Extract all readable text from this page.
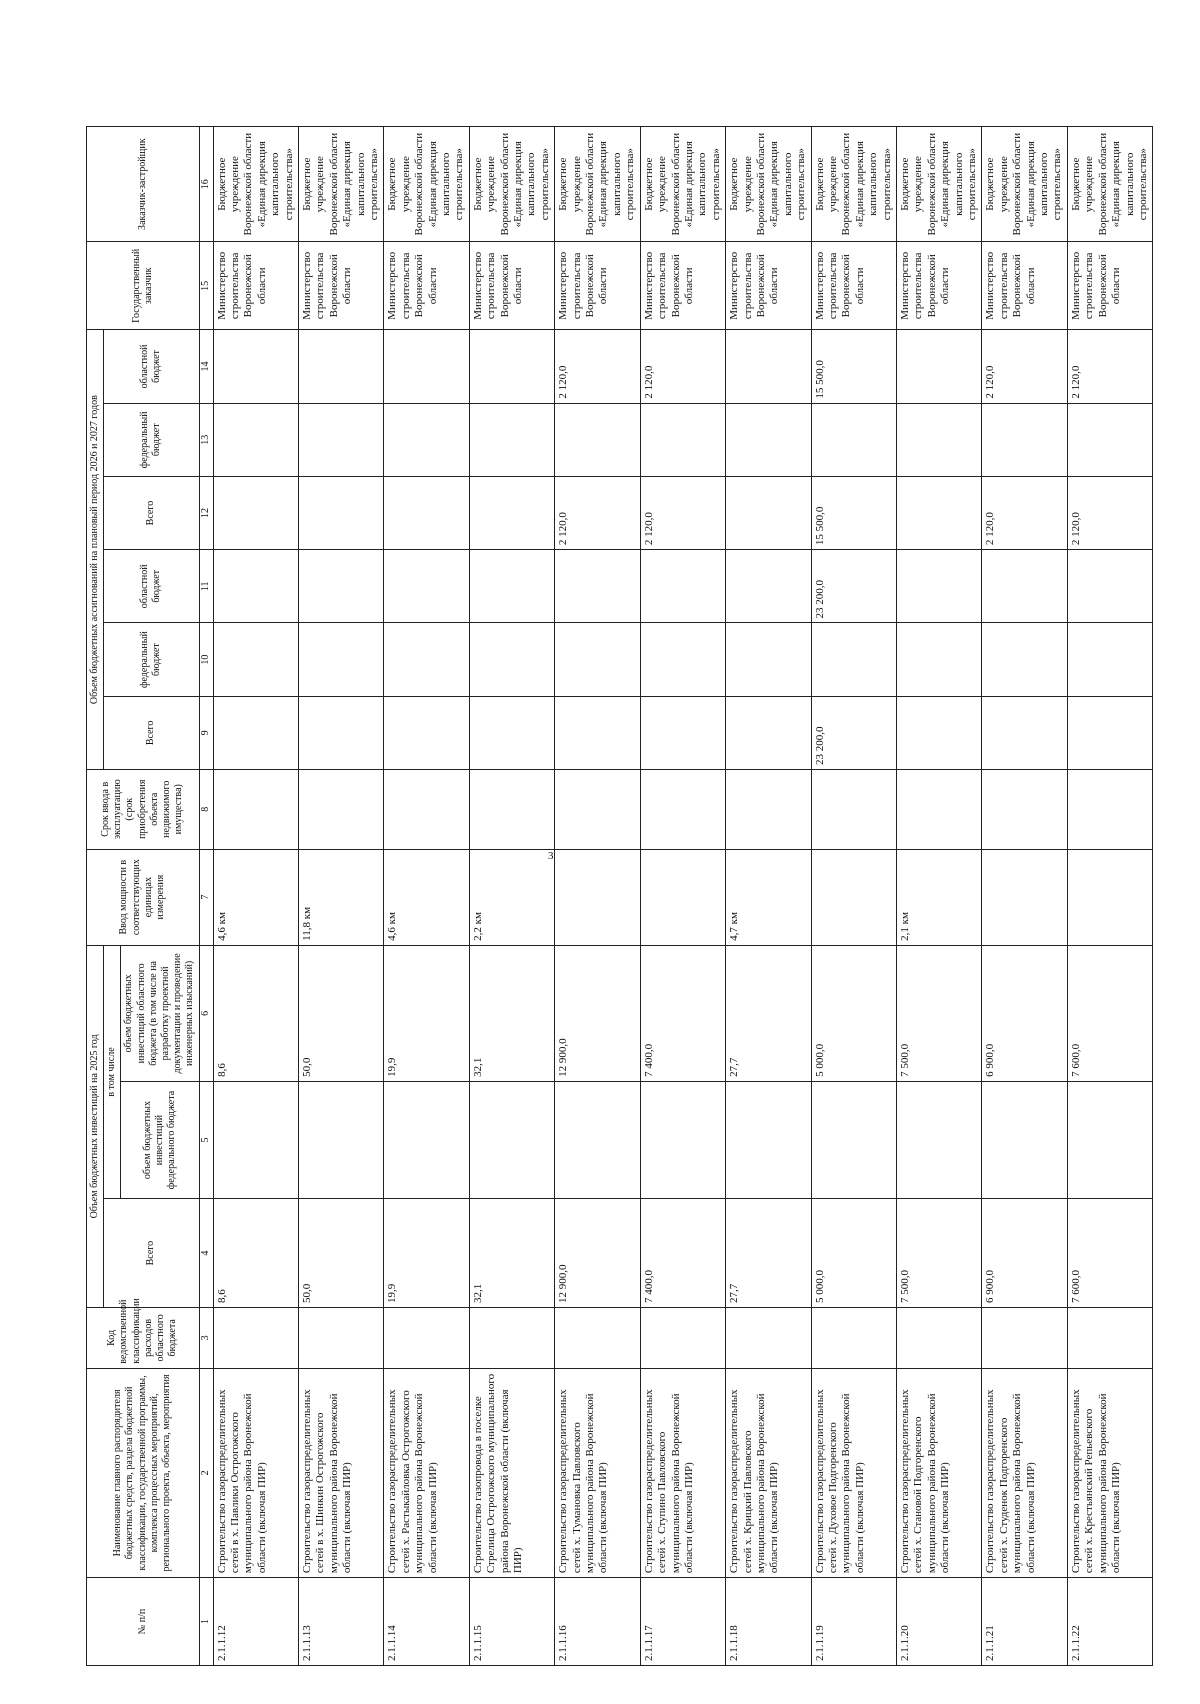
3
№ п/п	Наименование главного распорядителя бюджетных средств, раздела бюджетной классификации, государственной программы, комплекса процессных мероприятий, регионального проекта, объекта, мероприятия	Код ведомственной классификации расходов областного бюджета	Объем бюджетных инвестиций на 2025 год			Ввод мощности в соответствующих единицах измерения	Срок ввода в эксплуатацию (срок приобретения объекта недвижимого имущества)	Объем бюджетных ассигнований на плановый период 2026 и 2027 годов						Государственный заказчик	Заказчик-застройщик
			Всего	в том числе				Всего	федеральный бюджет	областной бюджет	Всего	федеральный бюджет	областной бюджет		
				объем бюджетных инвестиций федерального бюджета	объем бюджетных инвестиций областного бюджета (в том числе на разработку проектной документации и проведение инженерных изысканий)										
1	2	3	4	5	6	7	8	9	10	11	12	13	14	15	16
2.1.1.12	Строительство газораспределительных сетей в х. Павлики Острогожского муниципального района Воронежской области (включая ПИР)		8,6		8,6	4,6 км								Министерство строительства Воронежской области	Бюджетное учреждение Воронежской области «Единая дирекция капитального строительства»
2.1.1.13	Строительство газораспределительных сетей в х. Шинкин Острогожского муниципального района Воронежской области (включая ПИР)		50,0		50,0	11,8 км								Министерство строительства Воронежской области	Бюджетное учреждение Воронежской области «Единая дирекция капитального строительства»
2.1.1.14	Строительство газораспределительных сетей х. Растыкайловка Острогожского муниципального района Воронежской области (включая ПИР)		19,9		19,9	4,6 км								Министерство строительства Воронежской области	Бюджетное учреждение Воронежской области «Единая дирекция капитального строительства»
2.1.1.15	Строительство газопровода в поселке Стрелица Острогожского муниципального района Воронежской области (включая ПИР)		32,1		32,1	2,2 км								Министерство строительства Воронежской области	Бюджетное учреждение Воронежской области «Единая дирекция капитального строительства»
2.1.1.16	Строительство газораспределительных сетей х. Тумановка Павловского муниципального района Воронежской области (включая ПИР)		12 900,0		12 900,0						2 120,0		2 120,0	Министерство строительства Воронежской области	Бюджетное учреждение Воронежской области «Единая дирекция капитального строительства»
2.1.1.17	Строительство газораспределительных сетей х. Ступино Павловского муниципального района Воронежской области (включая ПИР)		7 400,0		7 400,0						2 120,0		2 120,0	Министерство строительства Воронежской области	Бюджетное учреждение Воронежской области «Единая дирекция капитального строительства»
2.1.1.18	Строительство газораспределительных сетей х. Крицкий Павловского муниципального района Воронежской области (включая ПИР)		27,7		27,7	4,7 км								Министерство строительства Воронежской области	Бюджетное учреждение Воронежской области «Единая дирекция капитального строительства»
2.1.1.19	Строительство газораспределительных сетей х. Духовое Подгоренского муниципального района Воронежской области (включая ПИР)		5 000,0		5 000,0			23 200,0		23 200,0	15 500,0		15 500,0	Министерство строительства Воронежской области	Бюджетное учреждение Воронежской области «Единая дирекция капитального строительства»
2.1.1.20	Строительство газораспределительных сетей х. Становой Подгоренского муниципального района Воронежской области (включая ПИР)		7 500,0		7 500,0	2,1 км								Министерство строительства Воронежской области	Бюджетное учреждение Воронежской области «Единая дирекция капитального строительства»
2.1.1.21	Строительство газораспределительных сетей х. Студенок Подгоренского муниципального района Воронежской области (включая ПИР)		6 900,0		6 900,0						2 120,0		2 120,0	Министерство строительства Воронежской области	Бюджетное учреждение Воронежской области «Единая дирекция капитального строительства»
2.1.1.22	Строительство газораспределительных сетей х. Крестьянский Репьевского муниципального района Воронежской области (включая ПИР)		7 600,0		7 600,0						2 120,0		2 120,0	Министерство строительства Воронежской области	Бюджетное учреждение Воронежской области «Единая дирекция капитального строительства»
